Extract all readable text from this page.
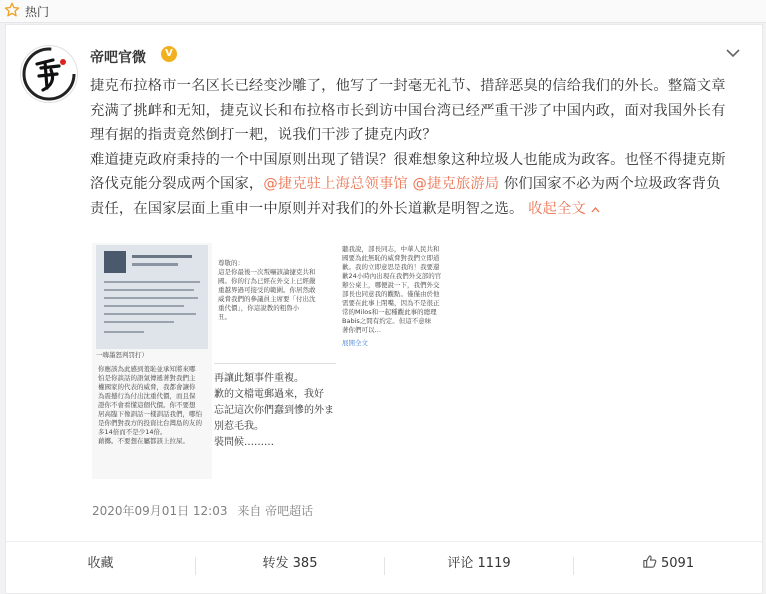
热门
帝吧官微	V

捷克布拉格市一名区长已经变沙雕了，他写了一封毫无礼节、措辞恶臭的信给我们的外长。整篇文章充满了挑衅和无知，捷克议长和布拉格市长到访中国台湾已经严重干涉了中国内政，面对我国外长有理有据的指责竟然倒打一耙，说我们干涉了捷克内政？

难道捷克政府秉持的一个中国原则出现了错误？很难想象这种垃圾人也能成为政客。也怪不得捷克斯洛伐克能分裂成两个国家，@捷克驻上海总领事馆 @捷克旅游局 你们国家不必为两个垃圾政客背负责任，在国家层面上重申一中原则并对我们的外长道歉是明智之选。 收起全文

一嗨墨怒判罚打）
你應該為此感到羞恥並承知將來哪
怕是你談話的語氣傳遞著對我們主
權國家的代表的威脅，我都會讓你
為震撼行為付出沈重代價，而且保
證你不會看懂這個代價。你不要想
居高臨下像訓話一樣訓話我們，哪怕
是你們對我方的投資比台灣島的友的
多14倍而不是少14倍。
藉擲。不要想在屬都該上拉屎。
尊敬的：
這是你最後一次叛嚇該論捷克共和
國。你的行為已經在外交上已經嚴
重越界過可接受的範圍。你居然敢
威脅我們的參議員主席要「付出沈
重代價」，你這說教的粗魯小
丑。
再讓此類事件重複。
歉的文檔電郵過來，我好
忘記這次你們蠢到慘的外ま
別惹毛我。
裝問候………
聽我說，部長同志，中華人民共和
國要為此無恥的威脅對我們立即道
歉。我的立即意思是我的！我要還
歉24小時內出現在我們外交部的官
辦公桌上，哪便說一下，我們外交
部長也同意我的觀點。僅僅由於他
需要在此事上閉嘴，因為不是很正
常的Milos和一起種觀此事的總理
Babis之間有約定。但這不意味
著你們可以…
展開全文
2020年09月01日 12:03 来自 帝吧超话
收藏	转发 385	评论 1119	5091
